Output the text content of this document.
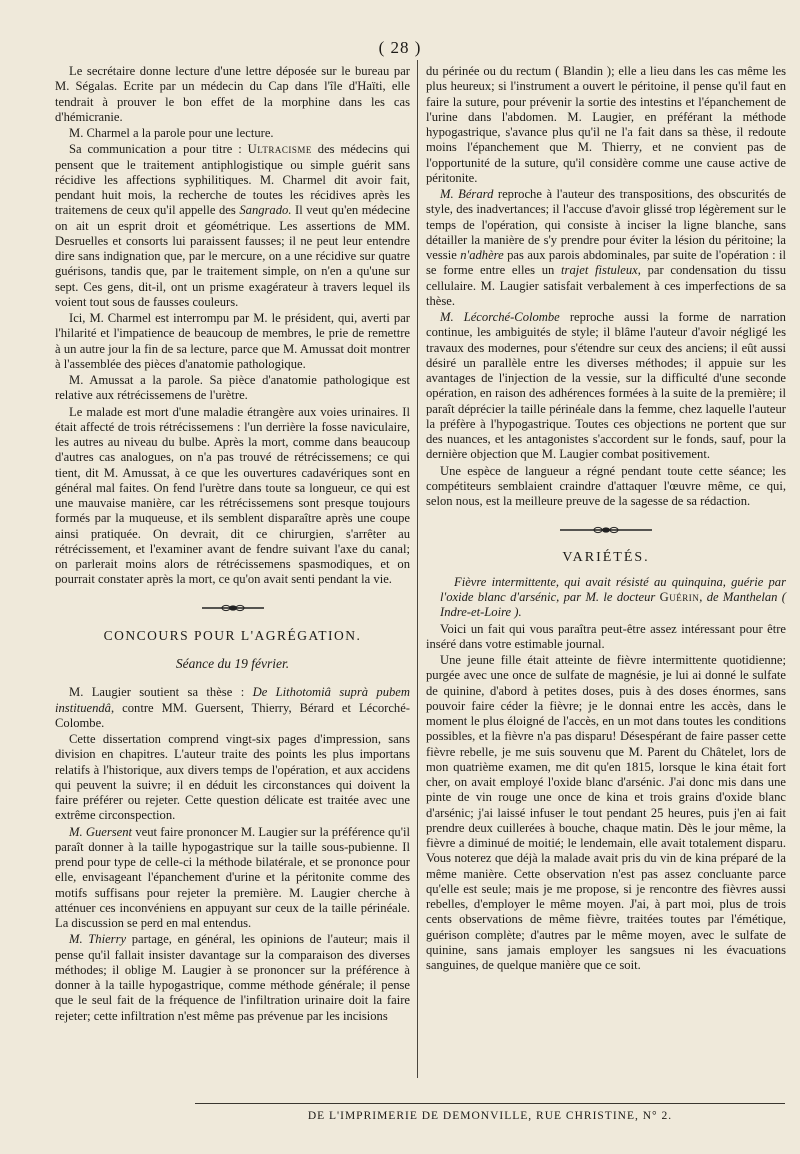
( 28 )

Le secrétaire donne lecture d'une lettre déposée sur le bureau par M. Ségalas. Ecrite par un médecin du Cap dans l'île d'Haïti, elle tendrait à prouver le bon effet de la morphine dans les cas d'hémicranie.

M. Charmel a la parole pour une lecture.

Sa communication a pour titre : Ultracisme des médecins qui pensent que le traitement antiphlogistique ou simple guérit sans récidive les affections syphilitiques. M. Charmel dit avoir fait, pendant huit mois, la recherche de toutes les récidives après les traitemens de ceux qu'il appelle des Sangrado. Il veut qu'en médecine on ait un esprit droit et géométrique. Les assertions de MM. Desruelles et consorts lui paraissent fausses; il ne peut leur entendre dire sans indignation que, par le mercure, on a une récidive sur quatre guérisons, tandis que, par le traitement simple, on n'en a qu'une sur sept. Ces gens, dit-il, ont un prisme exagérateur à travers lequel ils voient tout sous de fausses couleurs.

Ici, M. Charmel est interrompu par M. le président, qui, averti par l'hilarité et l'impatience de beaucoup de membres, le prie de remettre à un autre jour la fin de sa lecture, parce que M. Amussat doit montrer à l'assemblée des pièces d'anatomie pathologique.

M. Amussat a la parole. Sa pièce d'anatomie pathologique est relative aux rétrécissemens de l'urètre.

Le malade est mort d'une maladie étrangère aux voies urinaires. Il était affecté de trois rétrécissemens : l'un derrière la fosse naviculaire, les autres au niveau du bulbe. Après la mort, comme dans beaucoup d'autres cas analogues, on n'a pas trouvé de rétrécissemens; ce qui tient, dit M. Amussat, à ce que les ouvertures cadavériques sont en général mal faites. On fend l'urètre dans toute sa longueur, ce qui est une mauvaise manière, car les rétrécissemens sont presque toujours formés par la muqueuse, et ils semblent disparaître après une coupe ainsi pratiquée. On devrait, dit ce chirurgien, s'arrêter au rétrécissement, et l'examiner avant de fendre suivant l'axe du canal; on parlerait moins alors de rétrécissemens spasmodiques, et on pourrait constater après la mort, ce qu'on avait senti pendant la vie.

CONCOURS POUR L'AGRÉGATION.
Séance du 19 février.

M. Laugier soutient sa thèse : De Lithotomiâ suprà pubem instituendâ, contre MM. Guersent, Thierry, Bérard et Lécorché-Colombe.

Cette dissertation comprend vingt-six pages d'impression, sans division en chapitres. L'auteur traite des points les plus importans relatifs à l'historique, aux divers temps de l'opération, et aux accidens qui peuvent la suivre; il en déduit les circonstances qui doivent la faire préférer ou rejeter. Cette question délicate est traitée avec une extrême circonspection.

M. Guersent veut faire prononcer M. Laugier sur la préférence qu'il paraît donner à la taille hypogastrique sur la taille sous-pubienne. Il prend pour type de celle-ci la méthode bilatérale, et se prononce pour elle, envisageant l'épanchement d'urine et la péritonite comme des motifs suffisans pour rejeter la première. M. Laugier cherche à atténuer ces inconvéniens en appuyant sur ceux de la taille périnéale. La discussion se perd en mal entendus.

M. Thierry partage, en général, les opinions de l'auteur; mais il pense qu'il fallait insister davantage sur la comparaison des diverses méthodes; il oblige M. Laugier à se prononcer sur la préférence à donner à la taille hypogastrique, comme méthode générale; il pense que le seul fait de la fréquence de l'infiltration urinaire doit la faire rejeter; cette infiltration n'est même pas prévenue par les incisions

du périnée ou du rectum ( Blandin ); elle a lieu dans les cas même les plus heureux; si l'instrument a ouvert le péritoine, il pense qu'il faut en faire la suture, pour prévenir la sortie des intestins et l'épanchement de l'urine dans l'abdomen. M. Laugier, en préférant la méthode hypogastrique, s'avance plus qu'il ne l'a fait dans sa thèse, il redoute moins l'épanchement que M. Thierry, et ne convient pas de l'opportunité de la suture, qu'il considère comme une cause active de péritonite.

M. Bérard reproche à l'auteur des transpositions, des obscurités de style, des inadvertances; il l'accuse d'avoir glissé trop légèrement sur le temps de l'opération, qui consiste à inciser la ligne blanche, sans détailler la manière de s'y prendre pour éviter la lésion du péritoine; la vessie n'adhère pas aux parois abdominales, par suite de l'opération : il se forme entre elles un trajet fistuleux, par condensation du tissu cellulaire. M. Laugier satisfait verbalement à ces imperfections de sa thèse.

M. Lécorché-Colombe reproche aussi la forme de narration continue, les ambiguités de style; il blâme l'auteur d'avoir négligé les travaux des modernes, pour s'étendre sur ceux des anciens; il eût aussi désiré un parallèle entre les diverses méthodes; il appuie sur les avantages de l'injection de la vessie, sur la difficulté d'une seconde opération, en raison des adhérences formées à la suite de la première; il paraît déprécier la taille périnéale dans la femme, chez laquelle l'auteur la préfère à l'hypogastrique. Toutes ces objections ne portent que sur des nuances, et les antagonistes s'accordent sur le fonds, sauf, pour la dernière objection que M. Laugier combat positivement.

Une espèce de langueur a régné pendant toute cette séance; les compétiteurs semblaient craindre d'attaquer l'œuvre même, ce qui, selon nous, est la meilleure preuve de la sagesse de sa rédaction.

VARIÉTÉS.

Fièvre intermittente, qui avait résisté au quinquina, guérie par l'oxide blanc d'arsénic, par M. le docteur Guérin, de Manthelan ( Indre-et-Loire ).

Voici un fait qui vous paraîtra peut-être assez intéressant pour être inséré dans votre estimable journal.

Une jeune fille était atteinte de fièvre intermittente quotidienne; purgée avec une once de sulfate de magnésie, je lui ai donné le sulfate de quinine, d'abord à petites doses, puis à des doses énormes, sans pouvoir faire céder la fièvre; je le donnai entre les accès, dans le moment le plus éloigné de l'accès, en un mot dans toutes les conditions possibles, et la fièvre n'a pas disparu! Désespérant de faire passer cette fièvre rebelle, je me suis souvenu que M. Parent du Châtelet, lors de mon quatrième examen, me dit qu'en 1815, lorsque le kina était fort cher, on avait employé l'oxide blanc d'arsénic. J'ai donc mis dans une pinte de vin rouge une once de kina et trois grains d'oxide blanc d'arsénic; j'ai laissé infuser le tout pendant 25 heures, puis j'en ai fait prendre deux cuillerées à bouche, chaque matin. Dès le jour même, la fièvre a diminué de moitié; le lendemain, elle avait totalement disparu. Vous noterez que déjà la malade avait pris du vin de kina préparé de la même manière. Cette observation n'est pas assez concluante parce qu'elle est seule; mais je me propose, si je rencontre des fièvres aussi rebelles, d'employer le même moyen. J'ai, à part moi, plus de trois cents observations de même fièvre, traitées toutes par l'émétique, guérison complète; d'autres par le même moyen, avec le sulfate de quinine, sans jamais employer les sangsues ni les évacuations sanguines, de quelque manière que ce soit.

DE L'IMPRIMERIE DE DEMONVILLE, RUE CHRISTINE, N° 2.
